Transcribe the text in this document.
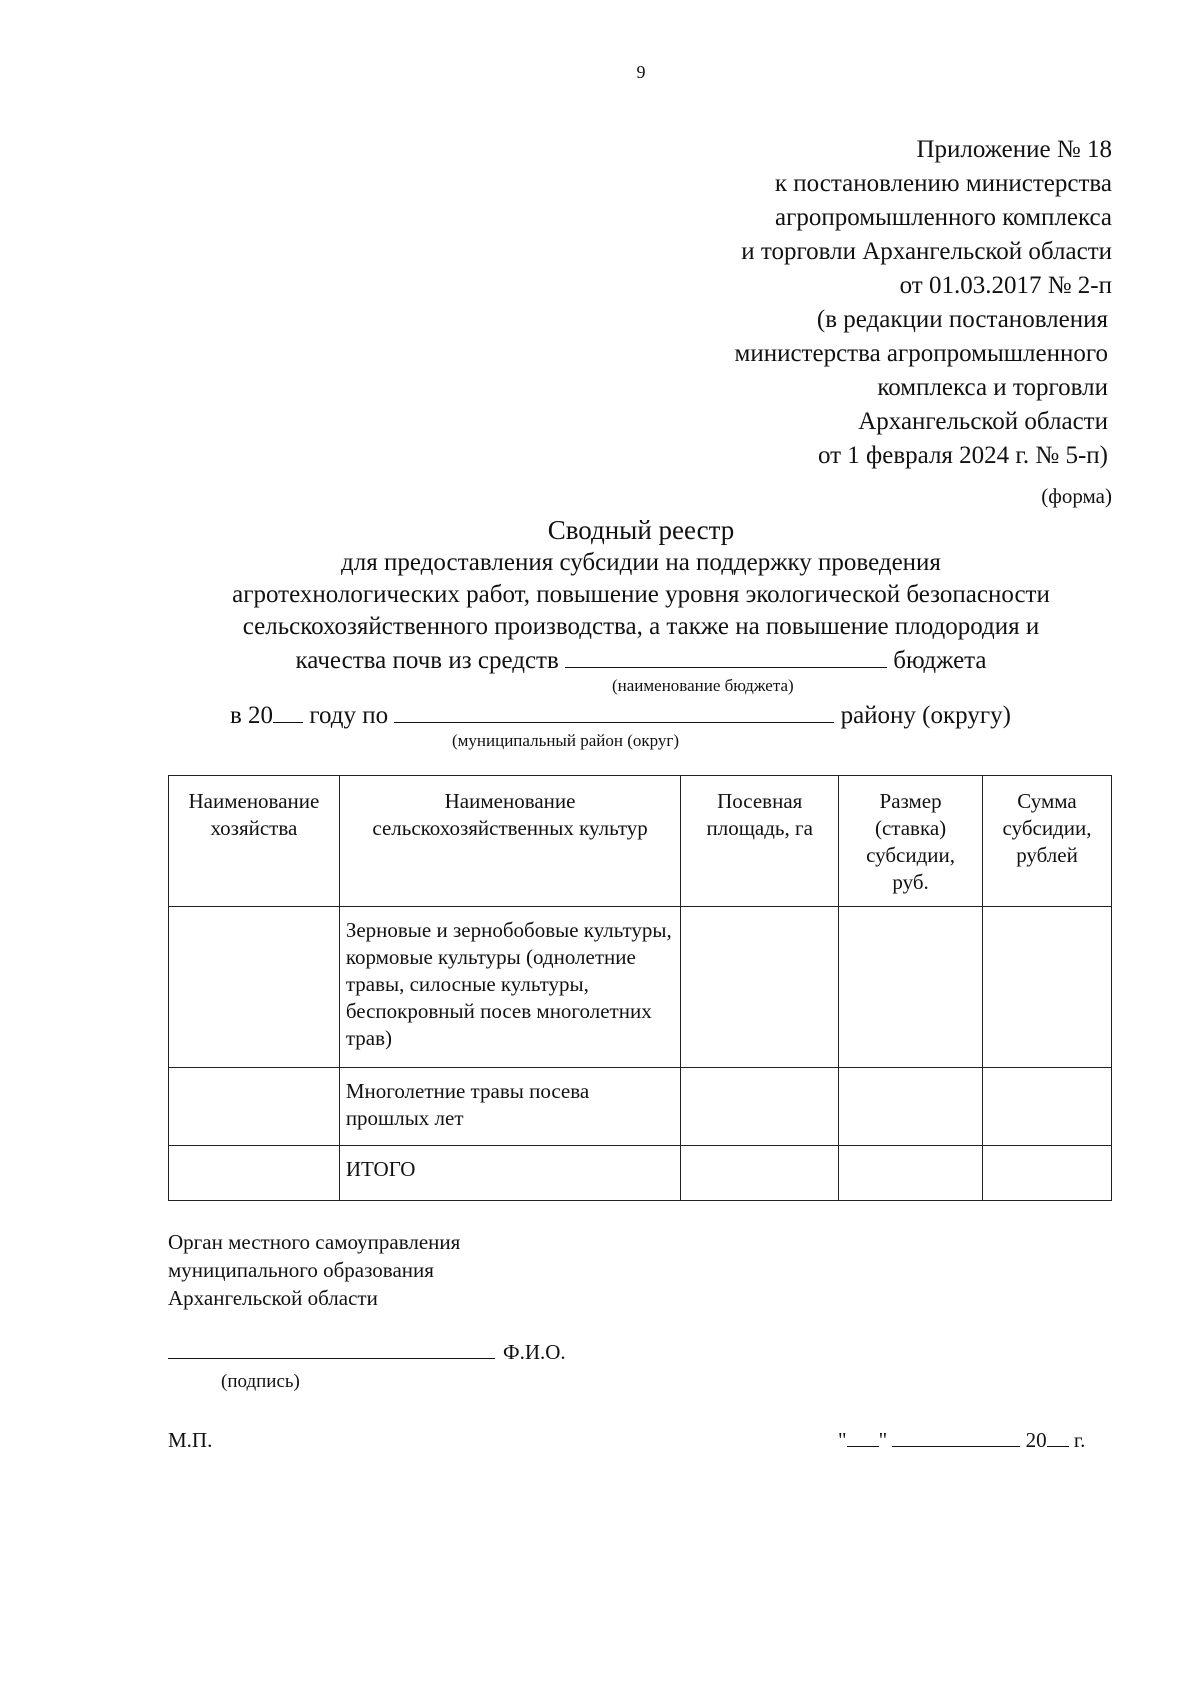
9
Приложение № 18
к постановлению министерства
агропромышленного комплекса
и торговли Архангельской области
от 01.03.2017 № 2-п
(в редакции постановления
министерства агропромышленного
комплекса и торговли
Архангельской области
от 1 февраля 2024 г. № 5-п)
(форма)
Сводный реестр
для предоставления субсидии на поддержку проведения
агротехнологических работ, повышение уровня экологической безопасности
сельскохозяйственного производства, а также на повышение плодородия и
качества почв из средств	бюджета
(наименование бюджета)
в 20 году по	району (округу)
(муниципальный район (округ)
Наименование хозяйства	Наименование сельскохозяйственных культур	Посевная площадь, га	Размер (ставка) субсидии, руб.	Сумма субсидии, рублей
	Зерновые и зернобобовые культуры, кормовые культуры (однолетние травы, силосные культуры, беспокровный посев многолетних трав)			
	Многолетние травы посева прошлых лет			
	ИТОГО			
Орган местного самоуправления
муниципального образования
Архангельской области
Ф.И.О.
(подпись)
М.П.	" "	20 г.
